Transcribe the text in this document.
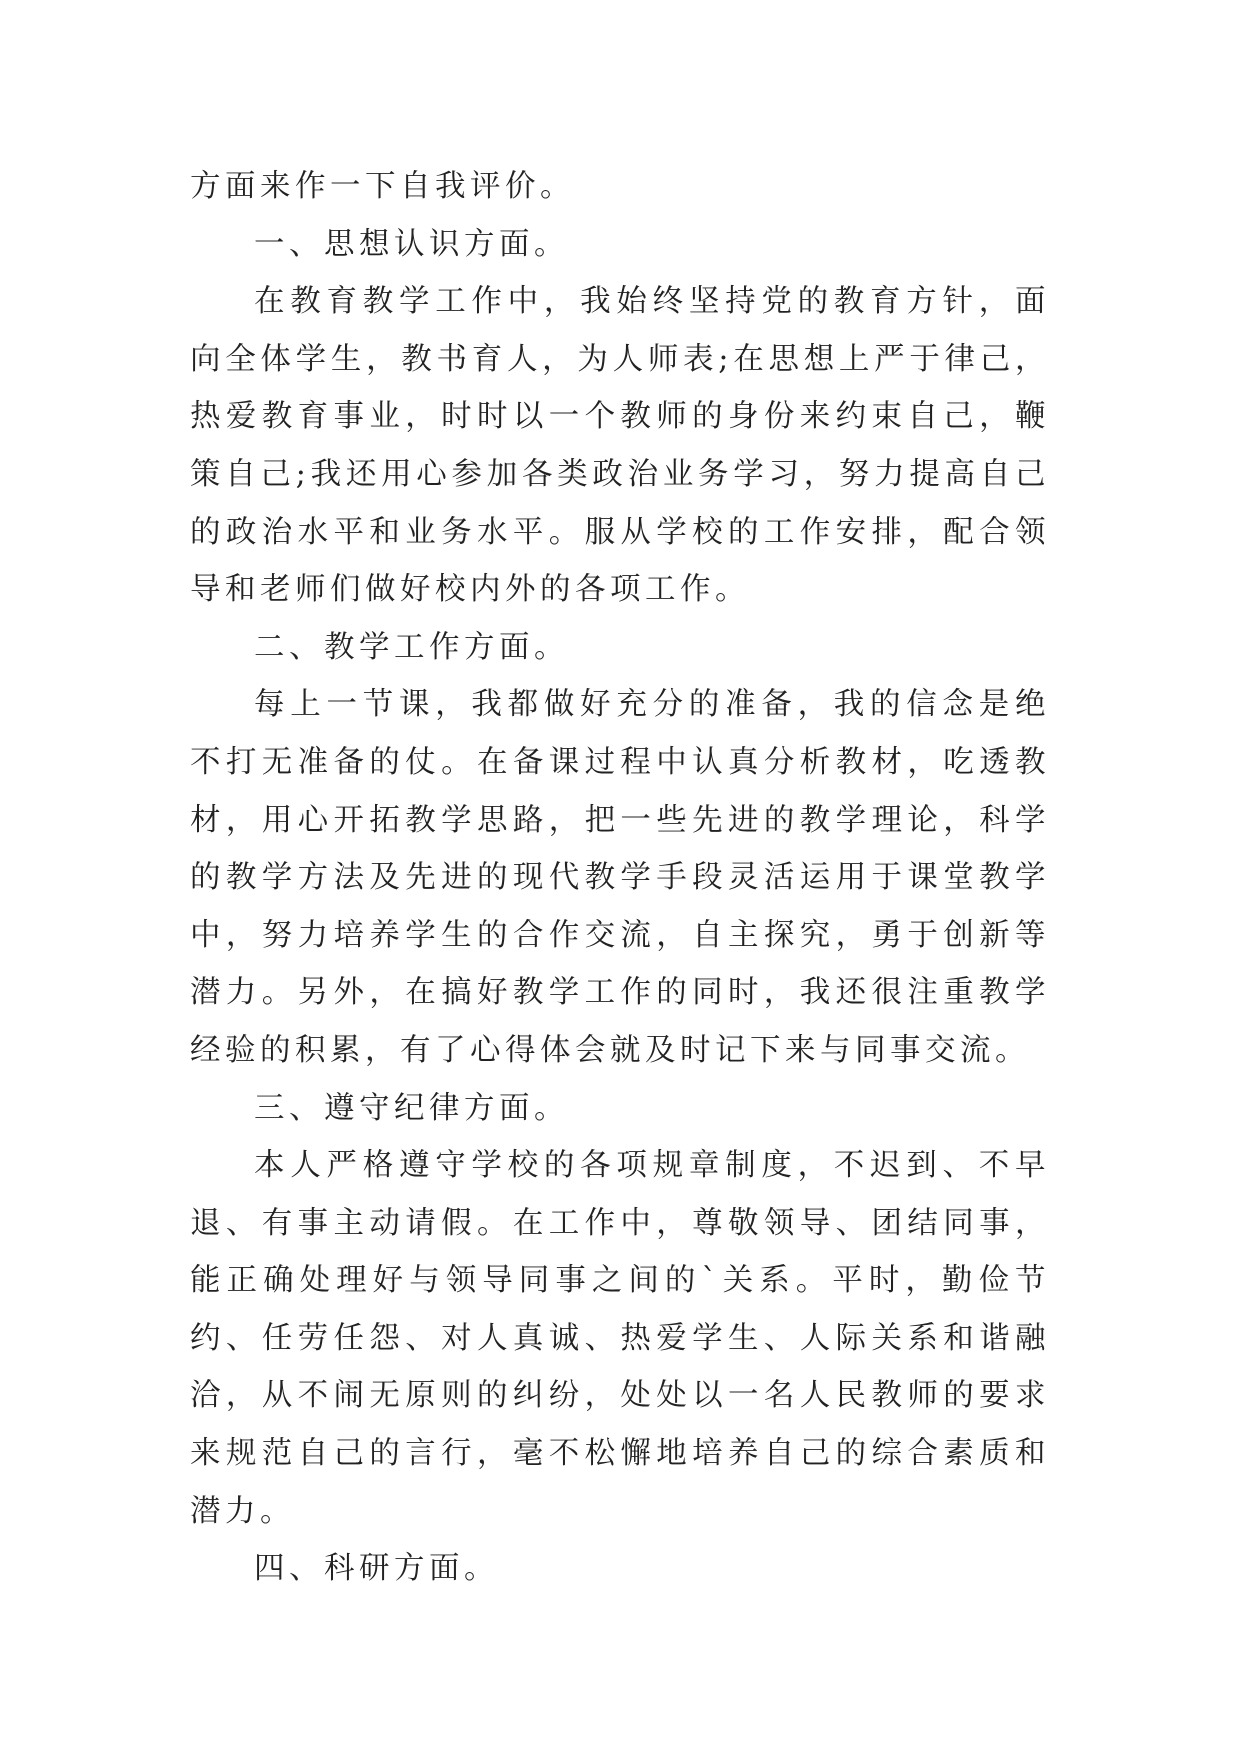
方面来作一下自我评价。

一、思想认识方面。

在教育教学工作中，我始终坚持党的教育方针，面向全体学生，教书育人，为人师表;在思想上严于律己，热爱教育事业，时时以一个教师的身份来约束自己，鞭策自己;我还用心参加各类政治业务学习，努力提高自己的政治水平和业务水平。服从学校的工作安排，配合领导和老师们做好校内外的各项工作。

二、教学工作方面。

每上一节课，我都做好充分的准备，我的信念是绝不打无准备的仗。在备课过程中认真分析教材，吃透教材，用心开拓教学思路，把一些先进的教学理论，科学的教学方法及先进的现代教学手段灵活运用于课堂教学中，努力培养学生的合作交流，自主探究，勇于创新等潜力。另外，在搞好教学工作的同时，我还很注重教学经验的积累，有了心得体会就及时记下来与同事交流。

三、遵守纪律方面。

本人严格遵守学校的各项规章制度，不迟到、不早退、有事主动请假。在工作中，尊敬领导、团结同事，能正确处理好与领导同事之间的`关系。平时，勤俭节约、任劳任怨、对人真诚、热爱学生、人际关系和谐融洽，从不闹无原则的纠纷，处处以一名人民教师的要求来规范自己的言行，毫不松懈地培养自己的综合素质和潜力。

四、科研方面。
